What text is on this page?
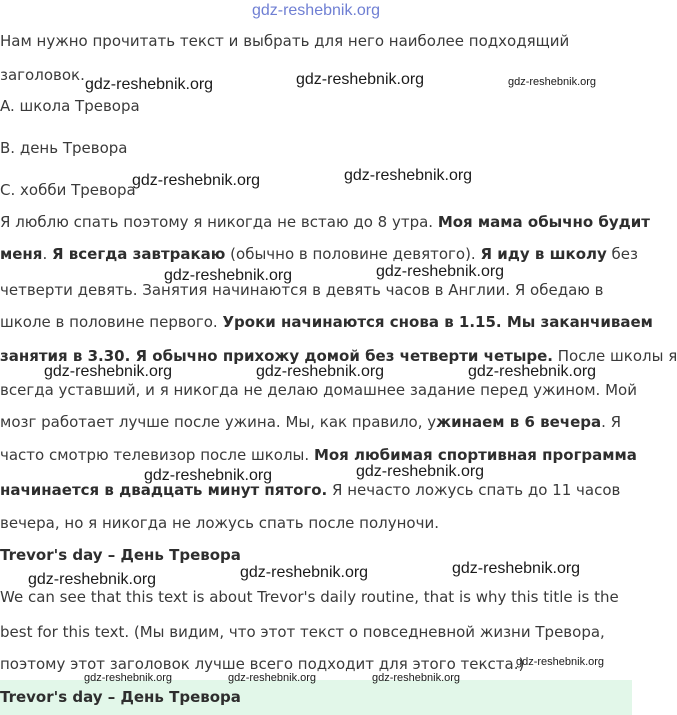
gdz-reshebnik.org
Нам нужно прочитать текст и выбрать для него наиболее подходящий
заголовок.
A. школа Тревора
B. день Тревора
C. хобби Тревора
Я люблю спать поэтому я никогда не встаю до 8 утра. Моя мама обычно будит
меня. Я всегда завтракаю (обычно в половине девятого). Я иду в школу без
четверти девять. Занятия начинаются в девять часов в Англии. Я обедаю в
школе в половине первого. Уроки начинаются снова в 1.15. Мы заканчиваем
занятия в 3.30. Я обычно прихожу домой без четверти четыре. После школы я
всегда уставший, и я никогда не делаю домашнее задание перед ужином. Мой
мозг работает лучше после ужина. Мы, как правило, ужинаем в 6 вечера. Я
часто смотрю телевизор после школы. Моя любимая спортивная программа
начинается в двадцать минут пятого. Я нечасто ложусь спать до 11 часов
вечера, но я никогда не ложусь спать после полуночи.
Trevor's day – День Тревора
We can see that this text is about Trevor's daily routine, that is why this title is the
best for this text. (Мы видим, что этот текст о повседневной жизни Тревора,
поэтому этот заголовок лучше всего подходит для этого текста.)
Trevor's day – День Тревора
gdz-reshebnik.org	gdz-reshebnik.org	gdz-reshebnik.org
gdz-reshebnik.org	gdz-reshebnik.org
gdz-reshebnik.org	gdz-reshebnik.org
gdz-reshebnik.org	gdz-reshebnik.org	gdz-reshebnik.org
gdz-reshebnik.org	gdz-reshebnik.org
gdz-reshebnik.org	gdz-reshebnik.org	gdz-reshebnik.org
gdz-reshebnik.org
gdz-reshebnik.org	gdz-reshebnik.org	gdz-reshebnik.org
